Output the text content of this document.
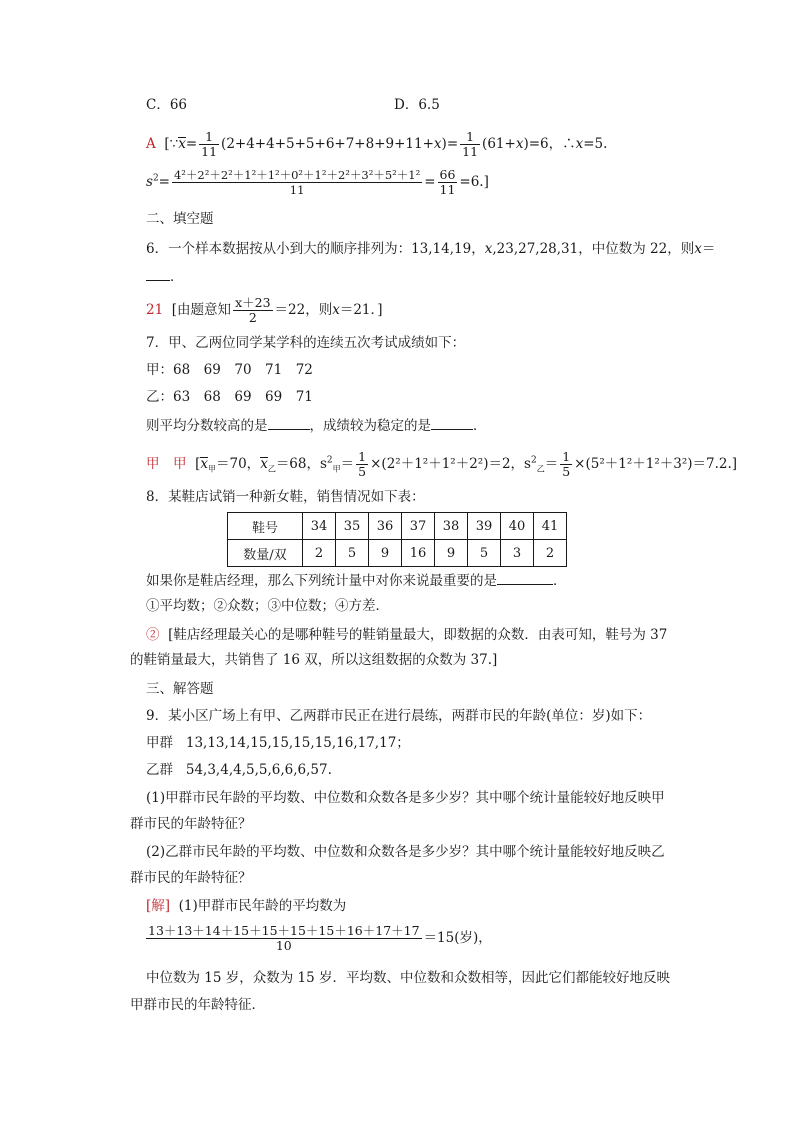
C．66	D．6.5
A [∵x= $\frac{1}{11} (2+4+4+5+5+6+7+8+9+11+x)= \frac{1}{11} (61+x)=6$，∴x=5.
$s^2= \frac{\text{4²＋2²＋2²＋1²＋1²＋0²＋1²＋2²＋3²＋5²＋1²}}{11} = \frac{66}{11} =6$.]
二、填空题
6．一个样本数据按从小到大的顺序排列为：13,14,19，x,23,27,28,31，中位数为 22，则x＝
．
21 [由题意知 $\frac{x+23}{2} =22$，则x＝21．]
7．甲、乙两位同学某学科的连续五次考试成绩如下：
甲：68　69　70　71　72
乙：63　68　69　69　71
则平均分数较高的是	，成绩较为稳定的是	．
甲　甲 [$x_甲=70$，$x_乙=68$，$s^2_甲= \frac{1}{5} \times(2^2+1^2+1^2+2^2)=2$，$s^2_乙= \frac{1}{5} \times(5^2+1^2+1^2+3^2)=7.2$.]
8．某鞋店试销一种新女鞋，销售情况如下表：
鞋号	34	35	36	37	38	39	40	41
数量/双	2	5	9	16	9	5	3	2
如果你是鞋店经理，那么下列统计量中对你来说最重要的是	．
①平均数；②众数；③中位数；④方差．
② [鞋店经理最关心的是哪种鞋号的鞋销量最大，即数据的众数．由表可知，鞋号为 37
的鞋销量最大，共销售了 16 双，所以这组数据的众数为 37.]
三、解答题
9．某小区广场上有甲、乙两群市民正在进行晨练，两群市民的年龄(单位：岁)如下：
甲群 13,13,14,15,15,15,15,16,17,17；
乙群 54,3,4,4,5,5,6,6,6,57.
(1)甲群市民年龄的平均数、中位数和众数各是多少岁？其中哪个统计量能较好地反映甲
群市民的年龄特征？
(2)乙群市民年龄的平均数、中位数和众数各是多少岁？其中哪个统计量能较好地反映乙
群市民的年龄特征？
[解] (1)甲群市民年龄的平均数为
$\frac{13+13+14+15+15+15+15+16+17+17}{10} =15$(岁)，
中位数为 15 岁，众数为 15 岁．平均数、中位数和众数相等，因此它们都能较好地反映
甲群市民的年龄特征．
